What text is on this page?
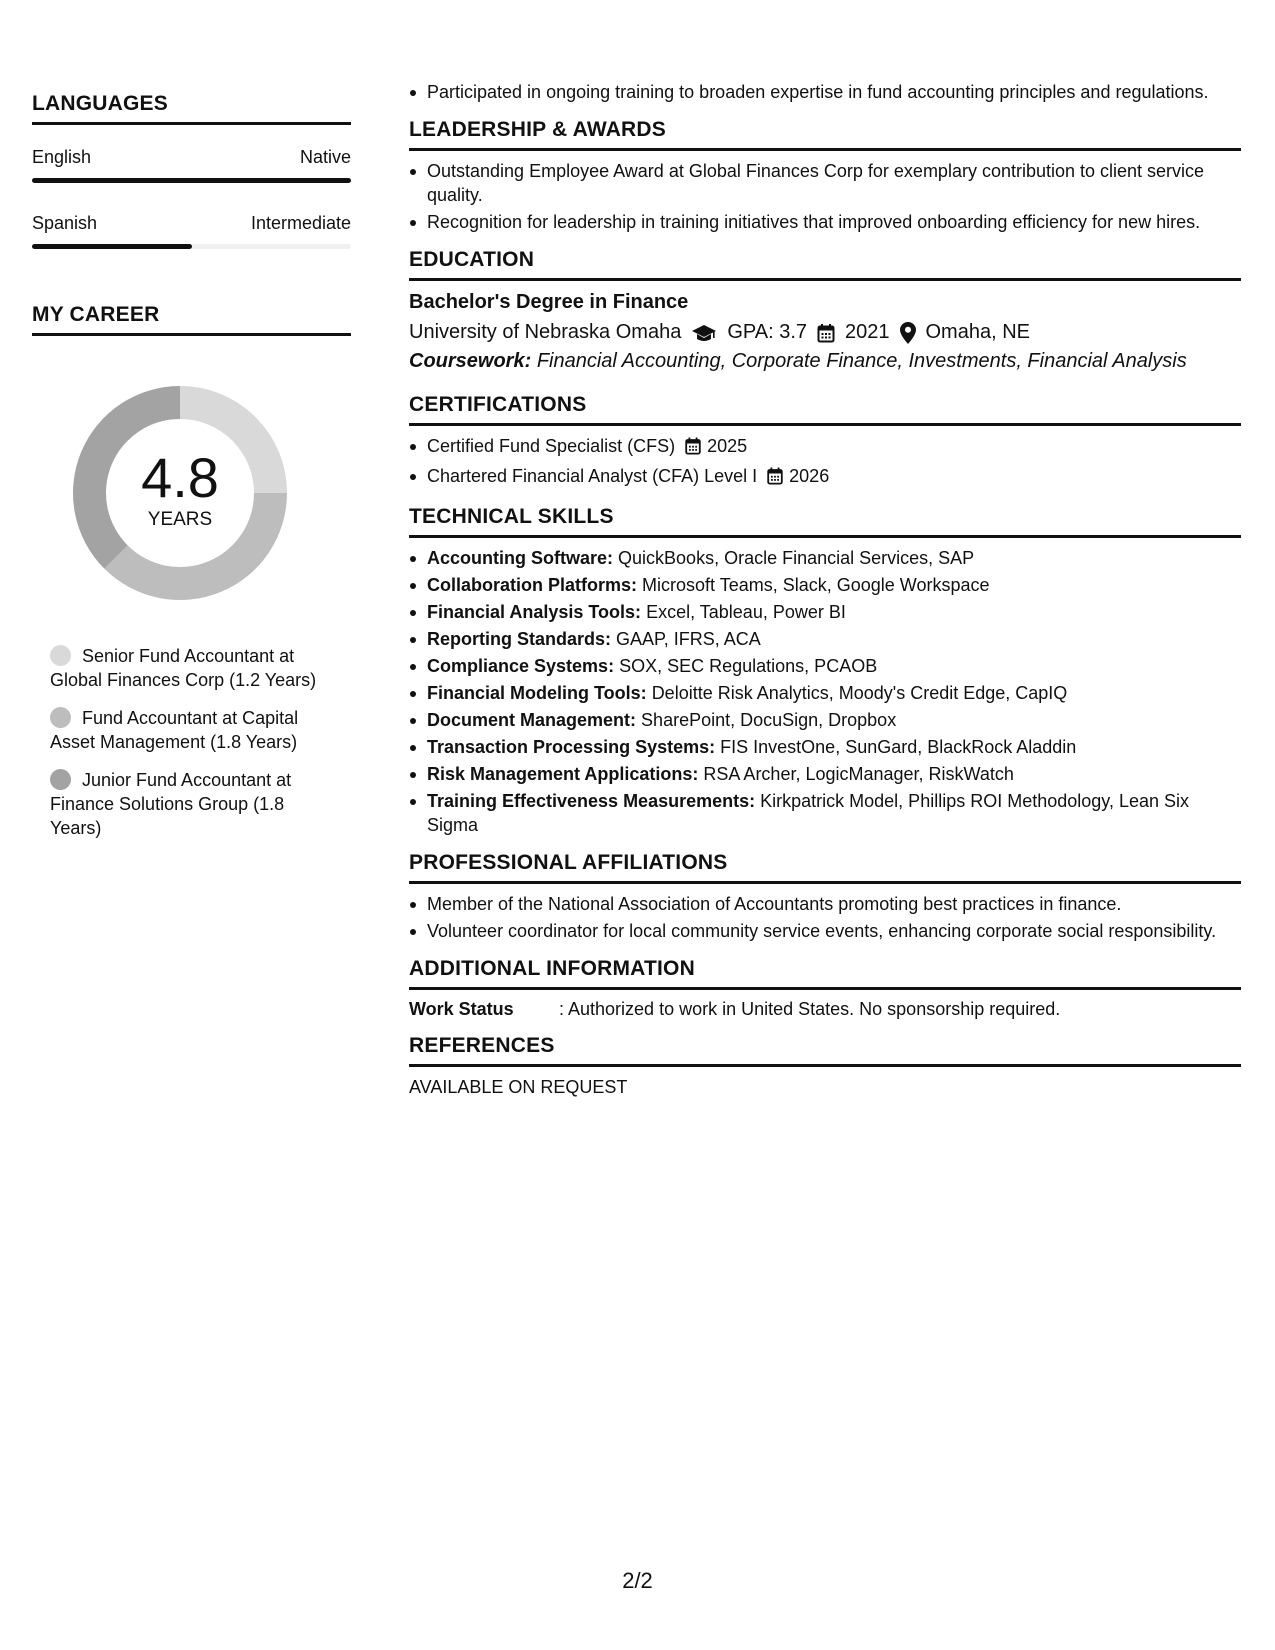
LANGUAGES
English	Native
Spanish	Intermediate
MY CAREER
4.8
YEARS
Senior Fund Accountant at Global Finances Corp (1.2 Years)
Fund Accountant at Capital Asset Management (1.8 Years)
Junior Fund Accountant at Finance Solutions Group (1.8 Years)
Participated in ongoing training to broaden expertise in fund accounting principles and regulations.
LEADERSHIP & AWARDS
Outstanding Employee Award at Global Finances Corp for exemplary contribution to client service quality.
Recognition for leadership in training initiatives that improved onboarding efficiency for new hires.
EDUCATION
Bachelor's Degree in Finance
University of Nebraska Omaha GPA: 3.7 2021 Omaha, NE
Coursework: Financial Accounting, Corporate Finance, Investments, Financial Analysis
CERTIFICATIONS
Certified Fund Specialist (CFS) 2025
Chartered Financial Analyst (CFA) Level I 2026
TECHNICAL SKILLS
Accounting Software: QuickBooks, Oracle Financial Services, SAP
Collaboration Platforms: Microsoft Teams, Slack, Google Workspace
Financial Analysis Tools: Excel, Tableau, Power BI
Reporting Standards: GAAP, IFRS, ACA
Compliance Systems: SOX, SEC Regulations, PCAOB
Financial Modeling Tools: Deloitte Risk Analytics, Moody's Credit Edge, CapIQ
Document Management: SharePoint, DocuSign, Dropbox
Transaction Processing Systems: FIS InvestOne, SunGard, BlackRock Aladdin
Risk Management Applications: RSA Archer, LogicManager, RiskWatch
Training Effectiveness Measurements: Kirkpatrick Model, Phillips ROI Methodology, Lean Six Sigma
PROFESSIONAL AFFILIATIONS
Member of the National Association of Accountants promoting best practices in finance.
Volunteer coordinator for local community service events, enhancing corporate social responsibility.
ADDITIONAL INFORMATION
Work Status	: Authorized to work in United States. No sponsorship required.
REFERENCES
AVAILABLE ON REQUEST
2/2
